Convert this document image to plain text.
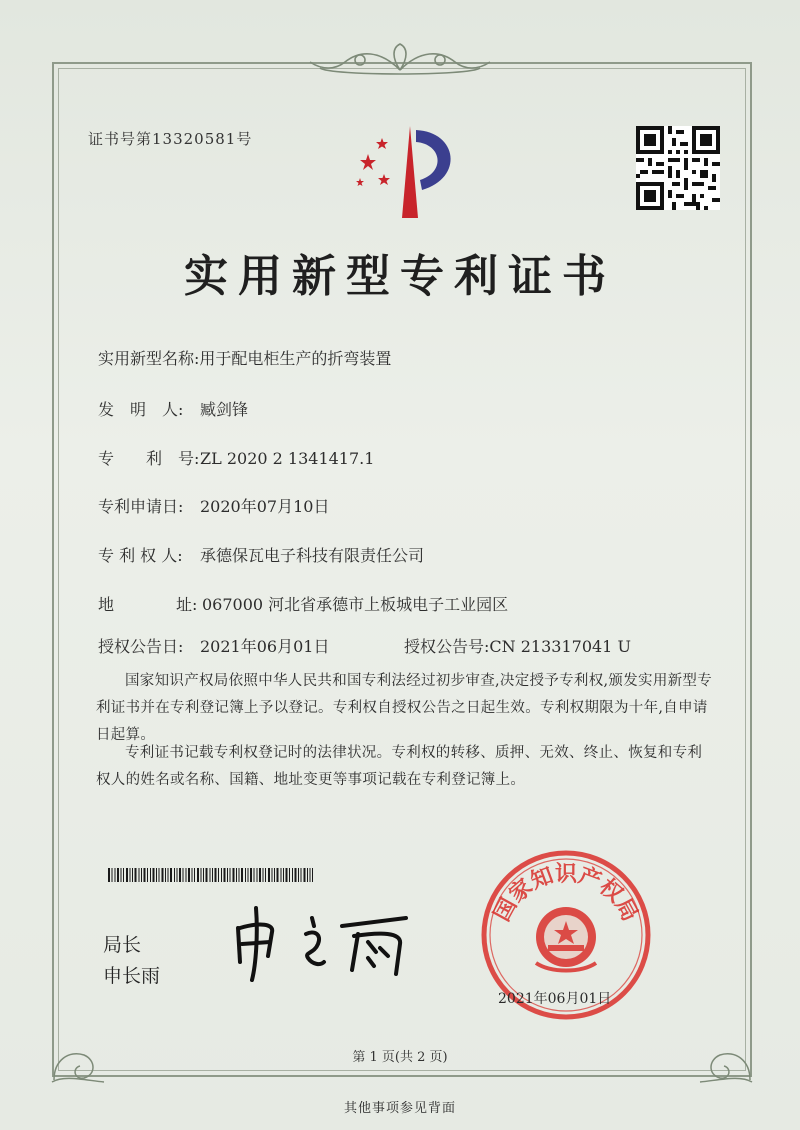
证书号第13320581号
实用新型专利证书
实用新型名称:用于配电柜生产的折弯装置
发　明　人: 臧剑锋
专　　利　号:ZL 2020 2 1341417.1
专利申请日: 2020年07月10日
专 利 权 人: 承德保瓦电子科技有限责任公司
地	址: 067000 河北省承德市上板城电子工业园区
授权公告日: 2021年06月01日	授权公告号:CN 213317041 U
国家知识产权局依照中华人民共和国专利法经过初步审查,决定授予专利权,颁发实用新型专利证书并在专利登记簿上予以登记。专利权自授权公告之日起生效。专利权期限为十年,自申请日起算。
专利证书记载专利权登记时的法律状况。专利权的转移、质押、无效、终止、恢复和专利权人的姓名或名称、国籍、地址变更等事项记载在专利登记簿上。
局长
申长雨
国家知识产权局
2021年06月01日
第 1 页(共 2 页)
其他事项参见背面
